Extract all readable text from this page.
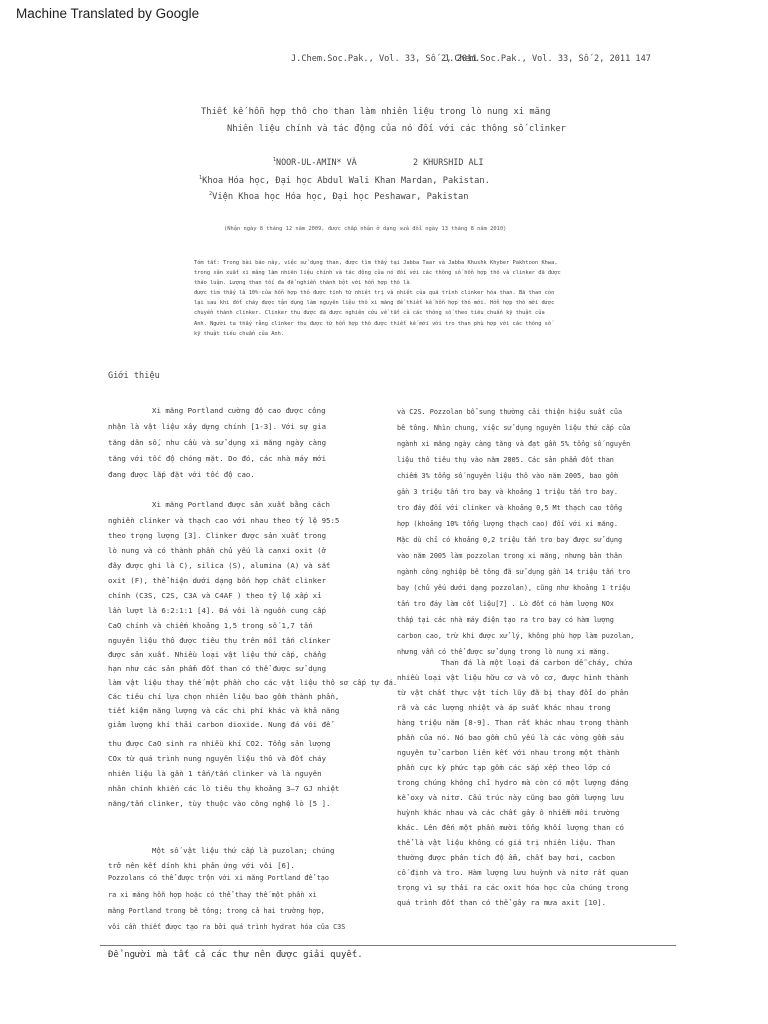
Machine Translated by Google
J.Chem.Soc.Pak., Vol. 33, Số 2, 2011
J.Chem.Soc.Pak., Vol. 33, Số 2, 2011 147
Thiết kế hỗn hợp thô cho than làm nhiên liệu trong lò nung xi măng
Nhiên liệu chính và tác động của nó đối với các thông số clinker
$^1$NOOR-UL-AMIN* VÀ	2 KHURSHID ALI
$^1$Khoa Hóa học, Đại học Abdul Wali Khan Mardan, Pakistan.
$^2$Viện Khoa học Hóa học, Đại học Peshawar, Pakistan
(Nhận ngày 8 tháng 12 năm 2009, được chấp nhận ở dạng sửa đổi ngày 13 tháng 8 năm 2010)
Tóm tắt: Trong bài báo này, việc sử dụng than, được tìm thấy tại Jabba Taar và Jabba Khushk Khyber Pakhtoon Khwa,
trong sản xuất xi măng làm nhiên liệu chính và tác động của nó đối với các thông số hỗn hợp thô và clinker đã được
thảo luận. Lượng than tối đa để nghiền thành bột với hỗn hợp thô là
được tìm thấy là 10%·của hỗn hợp thô được tính từ nhiệt trị và nhiệt của quá trình clinker hóa than. Bã than còn
lại sau khi đốt cháy được tận dụng làm nguyên liệu thô xi măng để thiết kế hỗn hợp thô mới. Hỗn hợp thô mới được
chuyển thành clinker. Clinker thu được đã được nghiên cứu về tất cả các thông số theo tiêu chuẩn kỹ thuật của
Anh. Người ta thấy rằng clinker thu được từ hỗn hợp thô được thiết kế mới với tro than phù hợp với các thông số
kỹ thuật tiêu chuẩn của Anh.
Giới thiệu
Xi măng Portland cường độ cao được công
nhận là vật liệu xây dựng chính [1-3]. Với sự gia
tăng dân số, nhu cầu và sử dụng xi măng ngày càng
tăng với tốc độ chóng mặt. Do đó, các nhà máy mới
đang được lắp đặt với tốc độ cao.
Xi măng Portland được sản xuất bằng cách
nghiền clinker và thạch cao với nhau theo tỷ lệ 95:5
theo trọng lượng [3]. Clinker được sản xuất trong
lò nung và có thành phần chủ yếu là canxi oxit (ở
đây được ghi là C), silica (S), alumina (A) và sắt
oxit (F), thể hiện dưới dạng bốn hợp chất clinker
chính (C3S, C2S, C3A và C4AF ) theo tỷ lệ xấp xỉ
lần lượt là 6:2:1:1 [4]. Đá vôi là nguồn cung cấp
CaO chính và chiếm khoảng 1,5 trong số 1,7 tấn
nguyên liệu thô được tiêu thụ trên mỗi tấn clinker
được sản xuất. Nhiều loại vật liệu thứ cấp, chẳng
hạn như các sản phẩm đốt than có thể được sử dụng
làm vật liệu thay thế một phần cho các vật liệu thô sơ cấp tự đá.
Các tiêu chí lựa chọn nhiên liệu bao gồm thành phần,
tiết kiệm năng lượng và các chi phí khác và khả năng
giảm lượng khí thải carbon dioxide. Nung đá vôi để
thu được CaO sinh ra nhiều khí CO2. Tổng sản lượng
COx từ quá trình nung nguyên liệu thô và đốt cháy
nhiên liệu là gần 1 tấn/tấn clinker và là nguyên
nhân chính khiến các lò tiêu thụ khoảng 3–7 GJ nhiệt
năng/tấn clinker, tùy thuộc vào công nghệ lò [5 ].
Một số vật liệu thứ cấp là puzolan; chúng
trở nên kết dính khi phản ứng với vôi [6].
Pozzolans có thể được trộn với xi măng Portland để tạo
ra xi măng hỗn hợp hoặc có thể thay thế một phần xi
măng Portland trong bê tông; trong cả hai trường hợp,
vôi cần thiết được tạo ra bởi quá trình hydrat hóa của C3S
và C2S. Pozzolan bổ sung thường cải thiện hiệu suất của
bê tông. Nhìn chung, việc sử dụng nguyên liệu thứ cấp của
ngành xi măng ngày càng tăng và đạt gần 5% tổng số nguyên
liệu thô tiêu thụ vào năm 2005. Các sản phẩm đốt than
chiếm 3% tổng số nguyên liệu thô vào năm 2005, bao gồm
gần 3 triệu tấn tro bay và khoảng 1 triệu tấn tro bay.
tro đáy đối với clinker và khoảng 0,5 Mt thạch cao tổng
hợp (khoảng 10% tổng lượng thạch cao) đối với xi măng.
Mặc dù chỉ có khoảng 0,2 triệu tấn tro bay được sử dụng
vào năm 2005 làm pozzolan trong xi măng, nhưng bản thân
ngành công nghiệp bê tông đã sử dụng gần 14 triệu tấn tro
bay (chủ yếu dưới dạng pozzolan), cũng như khoảng 1 triệu
tấn tro đáy làm cốt liệu[7] . Lò đốt có hàm lượng NOx
thấp tại các nhà máy điện tạo ra tro bay có hàm lượng
carbon cao, trừ khi được xử lý, không phù hợp làm puzolan,
nhưng vẫn có thể được sử dụng trong lò nung xi măng.
Than đá là một loại đá carbon dễ cháy, chứa
nhiều loại vật liệu hữu cơ và vô cơ, được hình thành
từ vật chất thực vật tích lũy đã bị thay đổi do phân
rã và các lượng nhiệt và áp suất khác nhau trong
hàng triệu năm [8-9]. Than rất khác nhau trong thành
phần của nó. Nó bao gồm chủ yếu là các vòng gồm sáu
nguyên tử carbon liên kết với nhau trong một thành
phần cực kỳ phức tạp gồm các sắp xếp theo lớp có
trong chúng không chỉ hydro mà còn có một lượng đáng
kể oxy và nitơ. Cấu trúc này cũng bao gồm lượng lưu
huỳnh khác nhau và các chất gây ô nhiễm môi trường
khác. Lên đến một phần mười tổng khối lượng than có
thể là vật liệu không có giá trị nhiên liệu. Than
thường được phân tích độ ẩm, chất bay hơi, cacbon
cố định và tro. Hàm lượng lưu huỳnh và nitơ rất quan
trọng vì sự thải ra các oxit hóa học của chúng trong
quá trình đốt than có thể gây ra mưa axit [10].
Để người mà tất cả các thư nên được giải quyết.
